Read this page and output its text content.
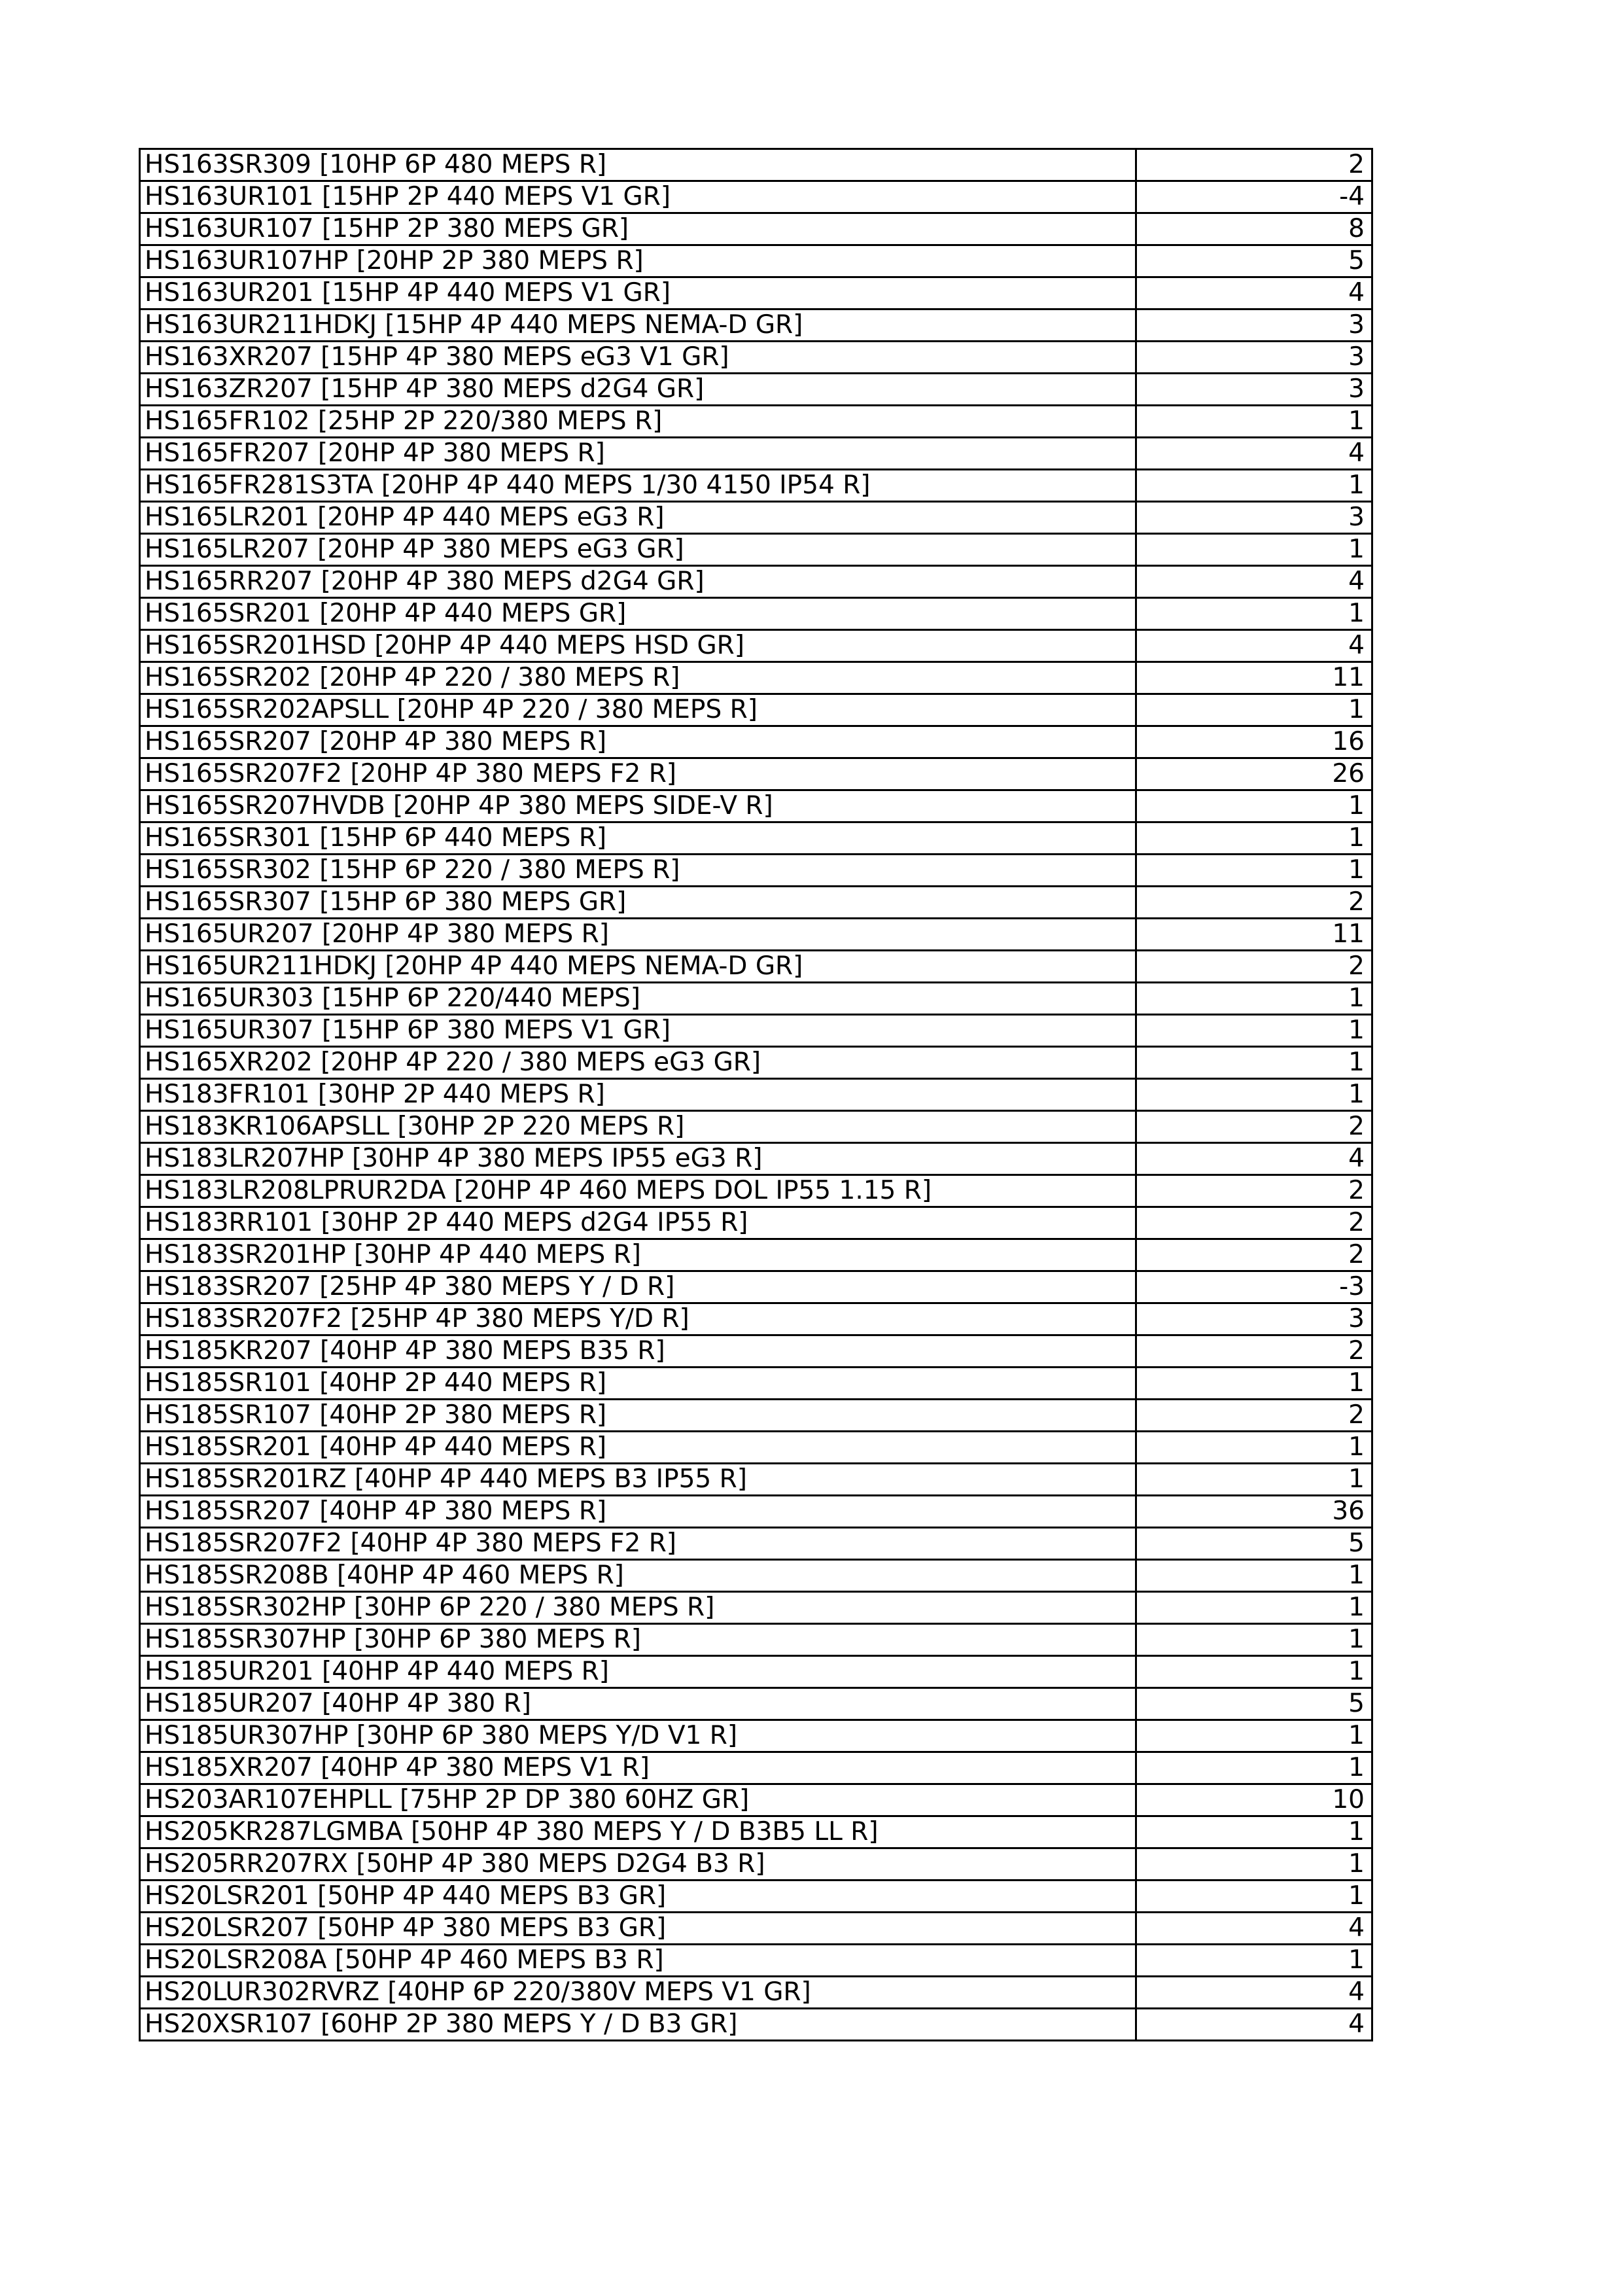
HS163SR309 [10HP 6P 480 MEPS R]	2
HS163UR101 [15HP 2P 440 MEPS V1 GR]	-4
HS163UR107 [15HP 2P 380 MEPS GR]	8
HS163UR107HP [20HP 2P 380 MEPS R]	5
HS163UR201 [15HP 4P 440 MEPS V1 GR]	4
HS163UR211HDKJ [15HP 4P 440 MEPS NEMA-D GR]	3
HS163XR207 [15HP 4P 380 MEPS eG3 V1 GR]	3
HS163ZR207 [15HP 4P 380 MEPS d2G4 GR]	3
HS165FR102 [25HP 2P 220/380 MEPS R]	1
HS165FR207 [20HP 4P 380 MEPS R]	4
HS165FR281S3TA [20HP 4P 440 MEPS 1/30 4150 IP54 R]	1
HS165LR201 [20HP 4P 440 MEPS eG3 R]	3
HS165LR207 [20HP 4P 380 MEPS eG3 GR]	1
HS165RR207 [20HP 4P 380 MEPS d2G4 GR]	4
HS165SR201 [20HP 4P 440 MEPS GR]	1
HS165SR201HSD [20HP 4P 440 MEPS HSD GR]	4
HS165SR202 [20HP 4P 220 / 380 MEPS R]	11
HS165SR202APSLL [20HP 4P 220 / 380 MEPS R]	1
HS165SR207 [20HP 4P 380 MEPS R]	16
HS165SR207F2 [20HP 4P 380 MEPS F2 R]	26
HS165SR207HVDB [20HP 4P 380 MEPS SIDE-V R]	1
HS165SR301 [15HP 6P 440 MEPS R]	1
HS165SR302 [15HP 6P 220 / 380 MEPS R]	1
HS165SR307 [15HP 6P 380 MEPS GR]	2
HS165UR207 [20HP 4P 380 MEPS R]	11
HS165UR211HDKJ [20HP 4P 440 MEPS NEMA-D GR]	2
HS165UR303 [15HP 6P 220/440 MEPS]	1
HS165UR307 [15HP 6P 380 MEPS V1 GR]	1
HS165XR202 [20HP 4P 220 / 380 MEPS eG3 GR]	1
HS183FR101 [30HP 2P 440 MEPS R]	1
HS183KR106APSLL [30HP 2P 220 MEPS R]	2
HS183LR207HP [30HP 4P 380 MEPS IP55 eG3 R]	4
HS183LR208LPRUR2DA [20HP 4P 460 MEPS DOL IP55 1.15 R]	2
HS183RR101 [30HP 2P 440 MEPS d2G4 IP55 R]	2
HS183SR201HP [30HP 4P 440 MEPS R]	2
HS183SR207 [25HP 4P 380 MEPS Y / D R]	-3
HS183SR207F2 [25HP 4P 380 MEPS Y/D R]	3
HS185KR207 [40HP 4P 380 MEPS B35 R]	2
HS185SR101 [40HP 2P 440 MEPS R]	1
HS185SR107 [40HP 2P 380 MEPS R]	2
HS185SR201 [40HP 4P 440 MEPS R]	1
HS185SR201RZ [40HP 4P 440 MEPS B3 IP55 R]	1
HS185SR207 [40HP 4P 380 MEPS R]	36
HS185SR207F2 [40HP 4P 380 MEPS F2 R]	5
HS185SR208B [40HP 4P 460 MEPS R]	1
HS185SR302HP [30HP 6P 220 / 380 MEPS R]	1
HS185SR307HP [30HP 6P 380 MEPS R]	1
HS185UR201 [40HP 4P 440 MEPS R]	1
HS185UR207 [40HP 4P 380 R]	5
HS185UR307HP [30HP 6P 380 MEPS Y/D V1 R]	1
HS185XR207 [40HP 4P 380 MEPS V1 R]	1
HS203AR107EHPLL [75HP 2P DP 380 60HZ GR]	10
HS205KR287LGMBA [50HP 4P 380 MEPS Y / D B3B5 LL R]	1
HS205RR207RX [50HP 4P 380 MEPS D2G4 B3 R]	1
HS20LSR201 [50HP 4P 440 MEPS B3 GR]	1
HS20LSR207 [50HP 4P 380 MEPS B3 GR]	4
HS20LSR208A [50HP 4P 460 MEPS B3 R]	1
HS20LUR302RVRZ [40HP 6P 220/380V MEPS V1 GR]	4
HS20XSR107 [60HP 2P 380 MEPS Y / D B3 GR]	4
